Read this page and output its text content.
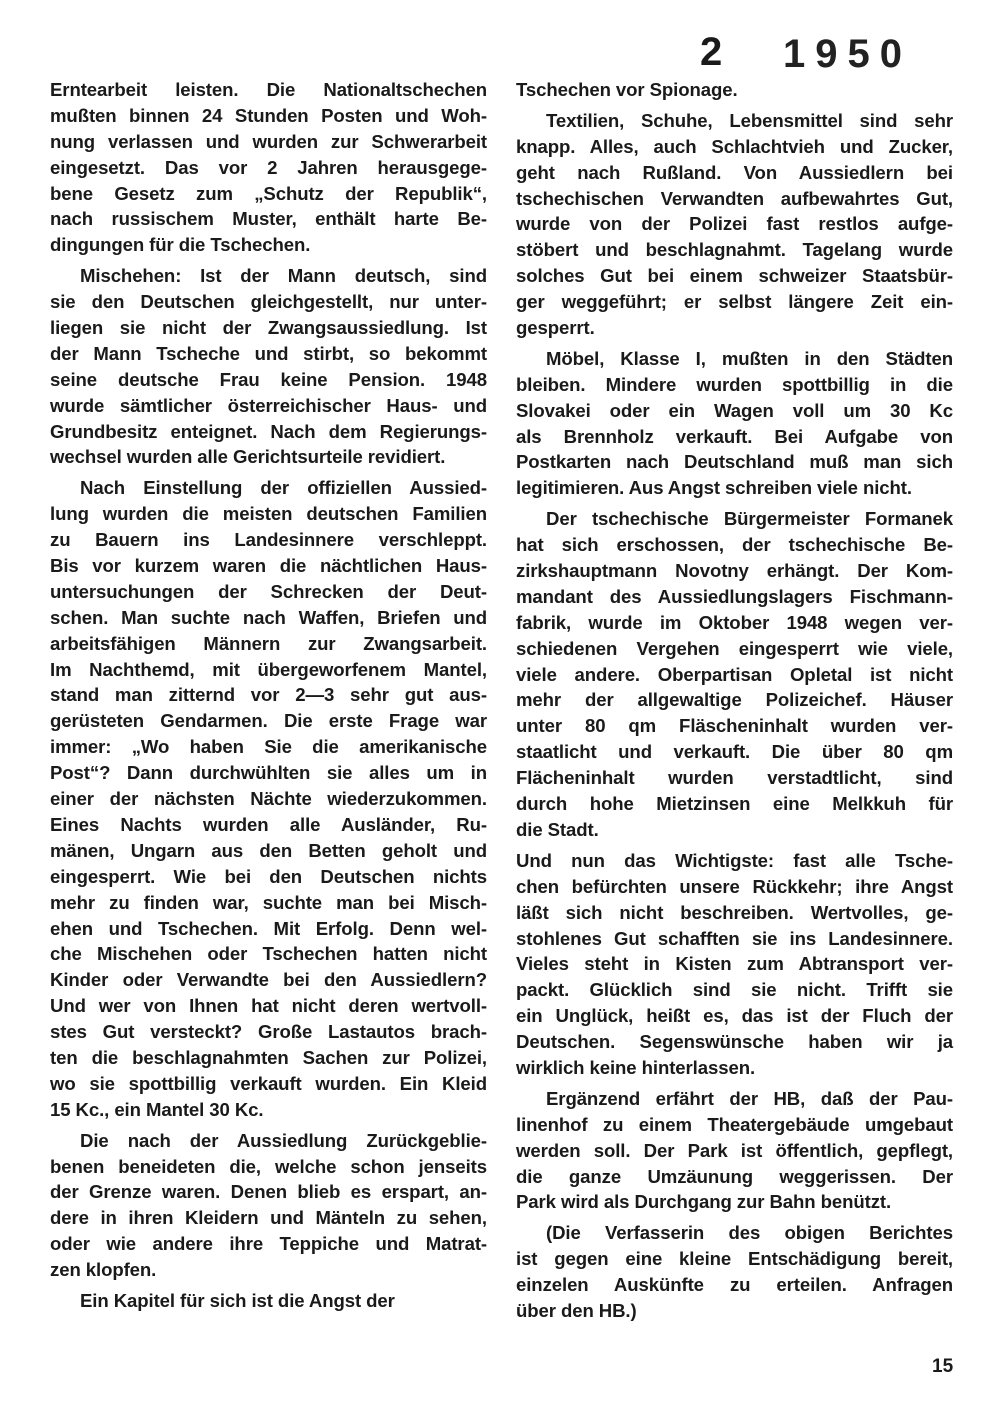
2 1950
Erntearbeit leisten. Die Nationaltschechen
mußten binnen 24 Stunden Posten und Woh-
nung verlassen und wurden zur Schwerarbeit
eingesetzt. Das vor 2 Jahren herausgege-
bene Gesetz zum „Schutz der Republik“,
nach russischem Muster, enthält harte Be-
dingungen für die Tschechen.
Mischehen: Ist der Mann deutsch, sind
sie den Deutschen gleichgestellt, nur unter-
liegen sie nicht der Zwangsaussiedlung. Ist
der Mann Tscheche und stirbt, so bekommt
seine deutsche Frau keine Pension. 1948
wurde sämtlicher österreichischer Haus- und
Grundbesitz enteignet. Nach dem Regierungs-
wechsel wurden alle Gerichtsurteile revidiert.
Nach Einstellung der offiziellen Aussied-
lung wurden die meisten deutschen Familien
zu Bauern ins Landesinnere verschleppt.
Bis vor kurzem waren die nächtlichen Haus-
untersuchungen der Schrecken der Deut-
schen. Man suchte nach Waffen, Briefen und
arbeitsfähigen Männern zur Zwangsarbeit.
Im Nachthemd, mit übergeworfenem Mantel,
stand man zitternd vor 2—3 sehr gut aus-
gerüsteten Gendarmen. Die erste Frage war
immer: „Wo haben Sie die amerikanische
Post“? Dann durchwühlten sie alles um in
einer der nächsten Nächte wiederzukommen.
Eines Nachts wurden alle Ausländer, Ru-
mänen, Ungarn aus den Betten geholt und
eingesperrt. Wie bei den Deutschen nichts
mehr zu finden war, suchte man bei Misch-
ehen und Tschechen. Mit Erfolg. Denn wel-
che Mischehen oder Tschechen hatten nicht
Kinder oder Verwandte bei den Aussiedlern?
Und wer von Ihnen hat nicht deren wertvoll-
stes Gut versteckt? Große Lastautos brach-
ten die beschlagnahmten Sachen zur Polizei,
wo sie spottbillig verkauft wurden. Ein Kleid
15 Kc., ein Mantel 30 Kc.
Die nach der Aussiedlung Zurückgeblie-
benen beneideten die, welche schon jenseits
der Grenze waren. Denen blieb es erspart, an-
dere in ihren Kleidern und Mänteln zu sehen,
oder wie andere ihre Teppiche und Matrat-
zen klopfen.
Ein Kapitel für sich ist die Angst der
Tschechen vor Spionage.
Textilien, Schuhe, Lebensmittel sind sehr
knapp. Alles, auch Schlachtvieh und Zucker,
geht nach Rußland. Von Aussiedlern bei
tschechischen Verwandten aufbewahrtes Gut,
wurde von der Polizei fast restlos aufge-
stöbert und beschlagnahmt. Tagelang wurde
solches Gut bei einem schweizer Staatsbür-
ger weggeführt; er selbst längere Zeit ein-
gesperrt.
Möbel, Klasse I, mußten in den Städten
bleiben. Mindere wurden spottbillig in die
Slovakei oder ein Wagen voll um 30 Kc
als Brennholz verkauft. Bei Aufgabe von
Postkarten nach Deutschland muß man sich
legitimieren. Aus Angst schreiben viele nicht.
Der tschechische Bürgermeister Formanek
hat sich erschossen, der tschechische Be-
zirkshauptmann Novotny erhängt. Der Kom-
mandant des Aussiedlungslagers Fischmann-
fabrik, wurde im Oktober 1948 wegen ver-
schiedenen Vergehen eingesperrt wie viele,
viele andere. Oberpartisan Opletal ist nicht
mehr der allgewaltige Polizeichef. Häuser
unter 80 qm Fläscheninhalt wurden ver-
staatlicht und verkauft. Die über 80 qm
Flächeninhalt wurden verstadtlicht, sind
durch hohe Mietzinsen eine Melkkuh für
die Stadt.
Und nun das Wichtigste: fast alle Tsche-
chen befürchten unsere Rückkehr; ihre Angst
läßt sich nicht beschreiben. Wertvolles, ge-
stohlenes Gut schafften sie ins Landesinnere.
Vieles steht in Kisten zum Abtransport ver-
packt. Glücklich sind sie nicht. Trifft sie
ein Unglück, heißt es, das ist der Fluch der
Deutschen. Segenswünsche haben wir ja
wirklich keine hinterlassen.
Ergänzend erfährt der HB, daß der Pau-
linenhof zu einem Theatergebäude umgebaut
werden soll. Der Park ist öffentlich, gepflegt,
die ganze Umzäunung weggerissen. Der
Park wird als Durchgang zur Bahn benützt.
(Die Verfasserin des obigen Berichtes
ist gegen eine kleine Entschädigung bereit,
einzelen Auskünfte zu erteilen. Anfragen
über den HB.)
15
